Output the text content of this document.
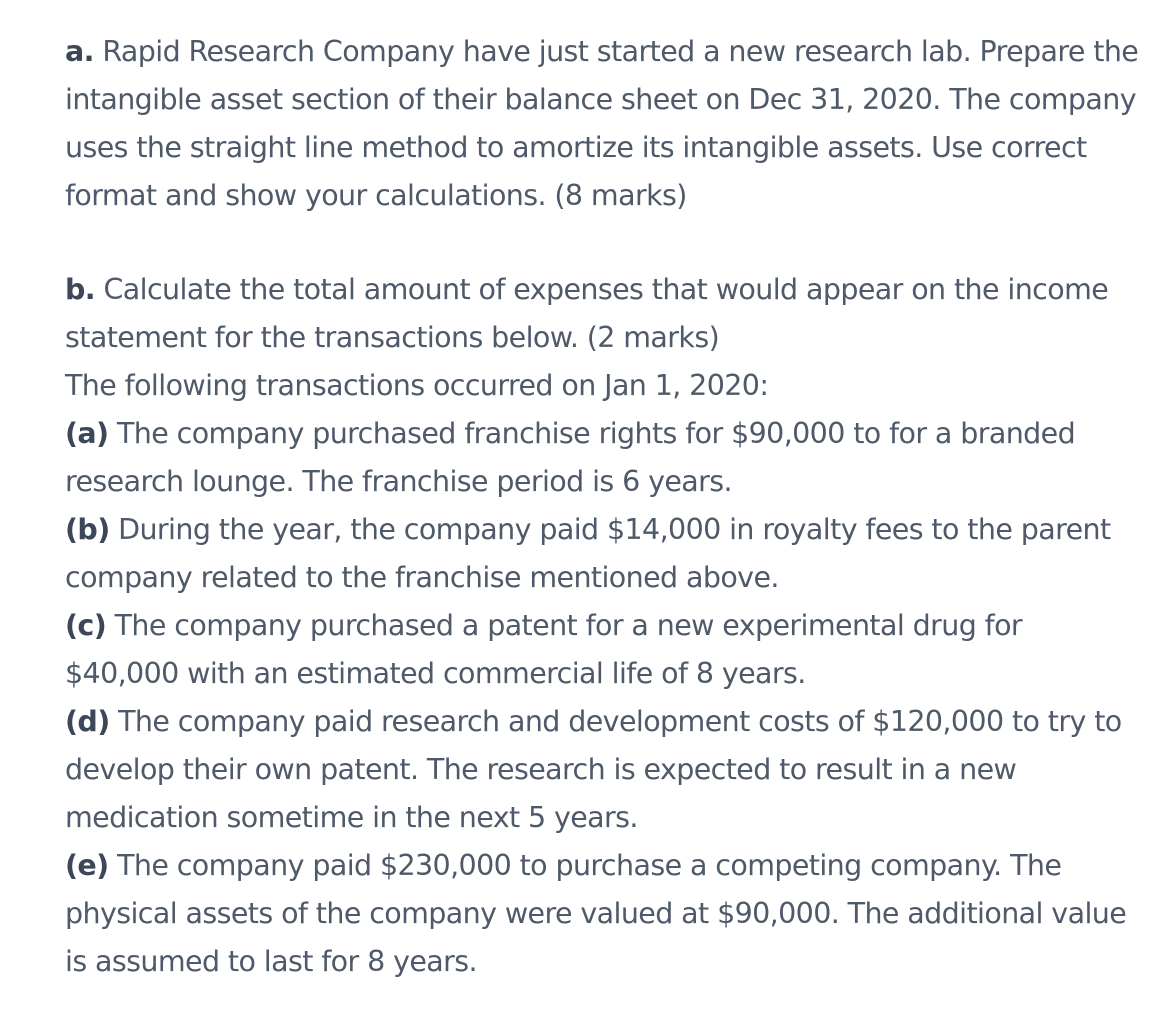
a. Rapid Research Company have just started a new research lab. Prepare the
intangible asset section of their balance sheet on Dec 31, 2020. The company
uses the straight line method to amortize its intangible assets. Use correct
format and show your calculations. (8 marks)

b. Calculate the total amount of expenses that would appear on the income
statement for the transactions below. (2 marks)
The following transactions occurred on Jan 1, 2020:
(a) The company purchased franchise rights for $90,000 to for a branded
research lounge. The franchise period is 6 years.
(b) During the year, the company paid $14,000 in royalty fees to the parent
company related to the franchise mentioned above.
(c) The company purchased a patent for a new experimental drug for
$40,000 with an estimated commercial life of 8 years.
(d) The company paid research and development costs of $120,000 to try to
develop their own patent. The research is expected to result in a new
medication sometime in the next 5 years.
(e) The company paid $230,000 to purchase a competing company. The
physical assets of the company were valued at $90,000. The additional value
is assumed to last for 8 years.
